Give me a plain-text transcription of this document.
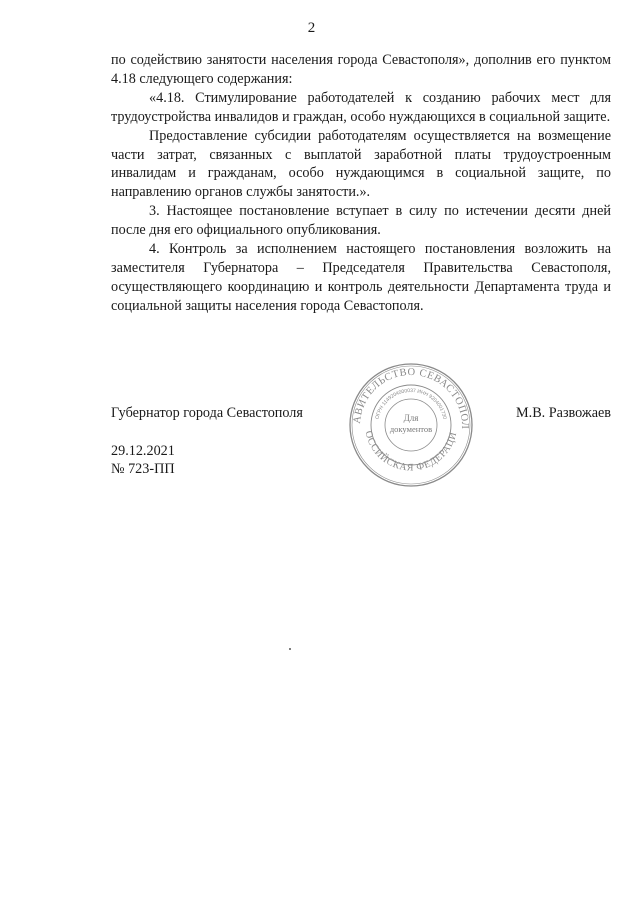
2

по содействию занятости населения города Севастополя», дополнив его пунктом 4.18 следующего содержания:

«4.18. Стимулирование работодателей к созданию рабочих мест для трудоустройства инвалидов и граждан, особо нуждающихся в социальной защите.

Предоставление субсидии работодателям осуществляется на возмещение части затрат, связанных с выплатой заработной платы трудоустроенным инвалидам и гражданам, особо нуждающимся в социальной защите, по направлению органов службы занятости.».

3. Настоящее постановление вступает в силу по истечении десяти дней после дня его официального опубликования.

4. Контроль за исполнением настоящего постановления возложить на заместителя Губернатора – Председателя Правительства Севастополя, осуществляющего координацию и контроль деятельности Департамента труда и социальной защиты населения города Севастополя.

Губернатор города Севастополя	М.В. Развожаев
29.12.2021
№ 723-ПП
АВИТЕЛЬСТВО СЕВАСТОПОЛ
ОССИЙСКАЯ ФЕДЕРАЦИ
ОГРН 1149204000037 ИНН 9204001730
Для
документов
